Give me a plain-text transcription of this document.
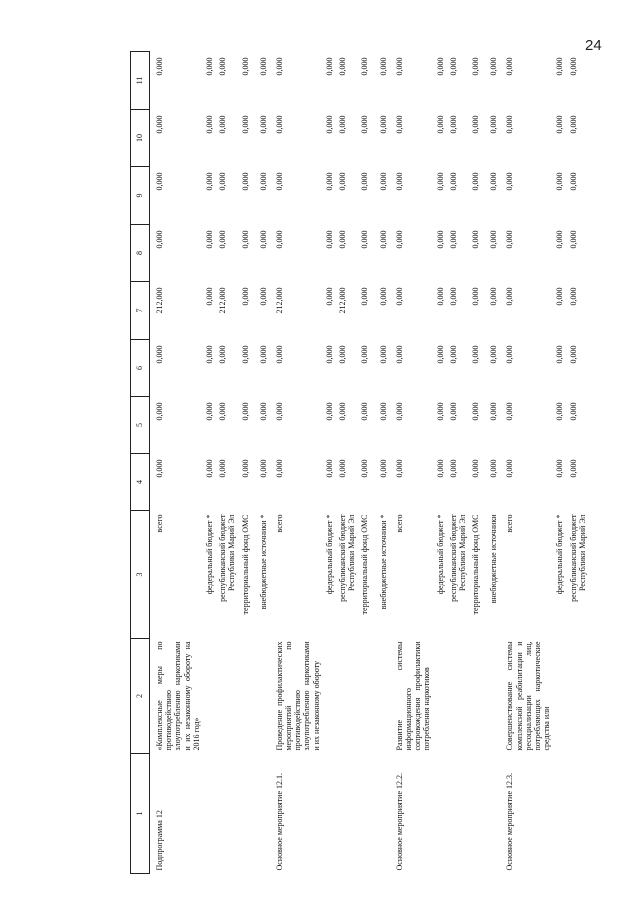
24
1	2	3	4	5	6	7	8	9	10	11
Подпрограмма 12	«Комплексные меры по противодействию злоупотреблению наркотиками и их незаконному обороту на 2016 год»	всего	0,000	0,000	0,000	212,000	0,000	0,000	0,000	0,000
		федеральный бюджет *	0,000	0,000	0,000	0,000	0,000	0,000	0,000	0,000
		республиканский бюджет Республики Марий Эл	0,000	0,000	0,000	212,000	0,000	0,000	0,000	0,000
		территориальный фонд ОМС	0,000	0,000	0,000	0,000	0,000	0,000	0,000	0,000
		внебюджетные источники *	0,000	0,000	0,000	0,000	0,000	0,000	0,000	0,000
Основное мероприятие 12.1.	Проведение профилактических мероприятий по противодействию злоупотреблению наркотиками и их незаконному обороту	всего	0,000	0,000	0,000	212,000	0,000	0,000	0,000	0,000
		федеральный бюджет *	0,000	0,000	0,000	0,000	0,000	0,000	0,000	0,000
		республиканский бюджет Республики Марий Эл	0,000	0,000	0,000	212,000	0,000	0,000	0,000	0,000
		территориальный фонд ОМС	0,000	0,000	0,000	0,000	0,000	0,000	0,000	0,000
		внебюджетные источники *	0,000	0,000	0,000	0,000	0,000	0,000	0,000	0,000
Основное мероприятие 12.2.	Развитие системы информационного сопровождения профилактики потребления наркотиков	всего	0,000	0,000	0,000	0,000	0,000	0,000	0,000	0,000
		федеральный бюджет *	0,000	0,000	0,000	0,000	0,000	0,000	0,000	0,000
		республиканский бюджет Республики Марий Эл	0,000	0,000	0,000	0,000	0,000	0,000	0,000	0,000
		территориальный фонд ОМС	0,000	0,000	0,000	0,000	0,000	0,000	0,000	0,000
		внебюджетные источники	0,000	0,000	0,000	0,000	0,000	0,000	0,000	0,000
Основное мероприятие 12.3.	Совершенствование системы комплексной реабилитации и ресоциализации лиц, потребляющих наркотические средства или	всего	0,000	0,000	0,000	0,000	0,000	0,000	0,000	0,000
		федеральный бюджет *	0,000	0,000	0,000	0,000	0,000	0,000	0,000	0,000
		республиканский бюджет Республики Марий Эл	0,000	0,000	0,000	0,000	0,000	0,000	0,000	0,000
